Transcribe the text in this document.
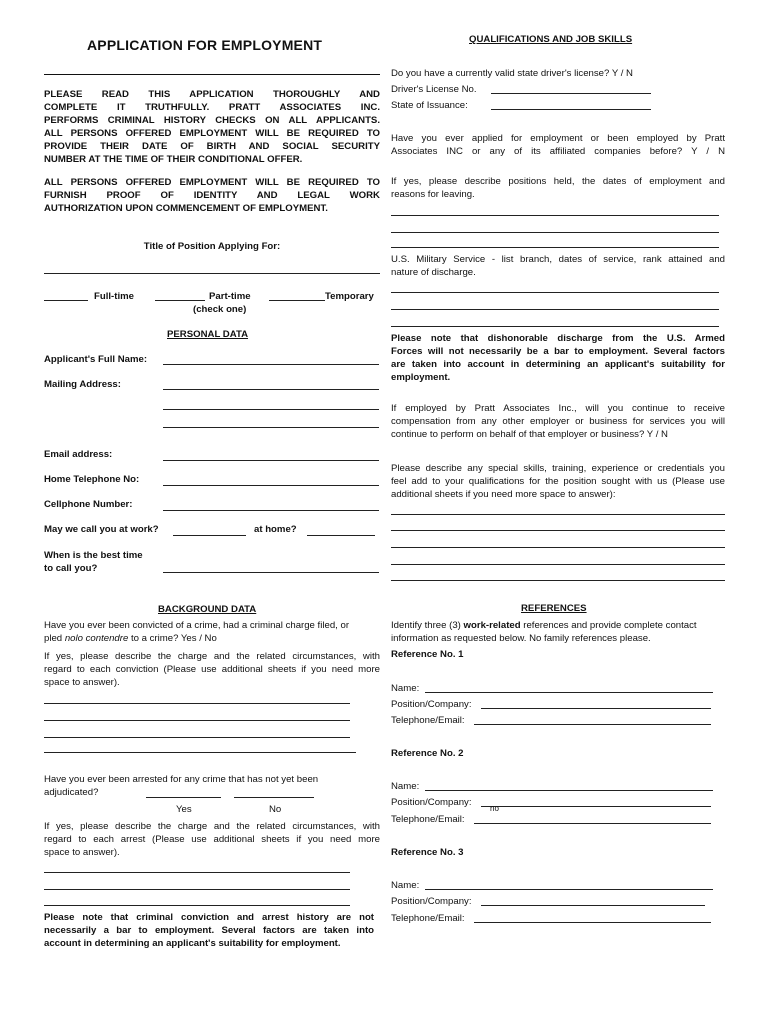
APPLICATION FOR EMPLOYMENT
PLEASE READ THIS APPLICATION THOROUGHLY AND
COMPLETE IT TRUTHFULLY. PRATT ASSOCIATES INC.
PERFORMS CRIMINAL HISTORY CHECKS ON ALL APPLICANTS.
ALL PERSONS OFFERED EMPLOYMENT WILL BE REQUIRED TO
PROVIDE THEIR DATE OF BIRTH AND SOCIAL SECURITY
NUMBER AT THE TIME OF THEIR CONDITIONAL OFFER.
ALL PERSONS OFFERED EMPLOYMENT WILL BE REQUIRED TO
FURNISH PROOF OF IDENTITY AND LEGAL WORK
AUTHORIZATION UPON COMMENCEMENT OF EMPLOYMENT.
Title of Position Applying For:
Full-time	Part-time
(check one)
Temporary
PERSONAL DATA
Applicant's Full Name:
Mailing Address:
Email address:
Home Telephone No:
Cellphone Number:
May we call you at work?	at home?
When is the best time
to call you?
BACKGROUND DATA
Have you ever been convicted of a crime, had a criminal charge filed, or
pled nolo contendre to a crime? Yes / No
If yes, please describe the charge and the related circumstances, with
regard to each conviction (Please use additional sheets if you need more
space to answer).
Have you ever been arrested for any crime that has not yet been
adjudicated?
Yes	No
If yes, please describe the charge and the related circumstances, with
regard to each arrest (Please use additional sheets if you need more
space to answer).
Please note that criminal conviction and arrest history are not
necessarily a bar to employment. Several factors are taken into
account in determining an applicant's suitability for employment.
QUALIFICATIONS AND JOB SKILLS
Do you have a currently valid state driver's license? Y / N
Driver's License No.
State of Issuance:
Have you ever applied for employment or been employed by Pratt
Associates INC or any of its affiliated companies before? Y / N
If yes, please describe positions held, the dates of employment and
reasons for leaving.
U.S. Military Service - list branch, dates of service, rank attained and
nature of discharge.
Please note that dishonorable discharge from the U.S. Armed
Forces will not necessarily be a bar to employment. Several factors
are taken into account in determining an applicant's suitability for
employment.
If employed by Pratt Associates Inc., will you continue to receive
compensation from any other employer or business for services you will
continue to perform on behalf of that employer or business? Y / N
Please describe any special skills, training, experience or credentials you
feel add to your qualifications for the position sought with us (Please use
additional sheets if you need more space to answer):
REFERENCES
Identify three (3) work-related references and provide complete contact
information as requested below. No family references please.
Reference No. 1
Name:
Position/Company:
Telephone/Email:
Reference No. 2
Name:
Position/Company:
no
Telephone/Email:
Reference No. 3
Name:
Position/Company:
Telephone/Email:
